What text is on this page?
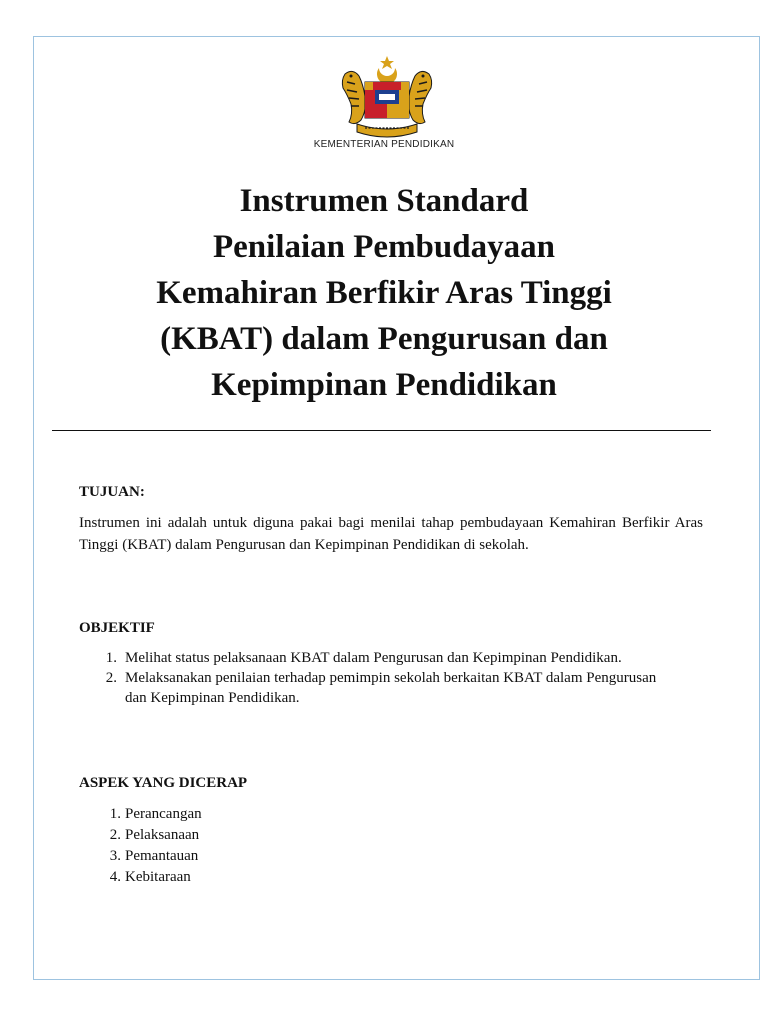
KEMENTERIAN PENDIDIKAN
Instrumen Standard
Penilaian Pembudayaan
Kemahiran Berfikir Aras Tinggi
(KBAT) dalam Pengurusan dan
Kepimpinan Pendidikan
TUJUAN:

Instrumen ini adalah untuk diguna pakai bagi menilai tahap pembudayaan Kemahiran Berfikir Aras Tinggi (KBAT) dalam Pengurusan dan Kepimpinan Pendidikan di sekolah.

OBJEKTIF
1. Melihat status pelaksanaan KBAT dalam Pengurusan dan Kepimpinan Pendidikan.
2. Melaksanakan penilaian terhadap pemimpin sekolah berkaitan KBAT dalam Pengurusan dan Kepimpinan Pendidikan.
ASPEK YANG DICERAP
1. Perancangan
2. Pelaksanaan
3. Pemantauan
4. Kebitaraan
